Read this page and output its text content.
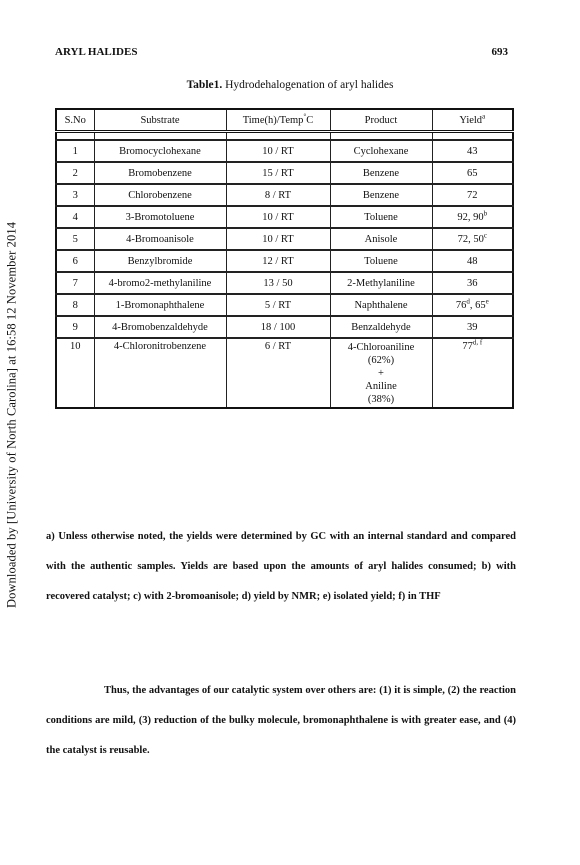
Downloaded by [University of North Carolina] at 16:58 12 November 2014
ARYL HALIDES	693
Table1. Hydrodehalogenation of aryl halides
S.No	Substrate	Time(h)/Temp°C	Product	Yield$^a$

1	Bromocyclohexane	10 / RT	Cyclohexane	43
2	Bromobenzene	15 / RT	Benzene	65
3	Chlorobenzene	8 / RT	Benzene	72
4	3-Bromotoluene	10 / RT	Toluene	92, 90$^b$
5	4-Bromoanisole	10 / RT	Anisole	72, 50$^c$
6	Benzylbromide	12 / RT	Toluene	48
7	4-bromo2-methylaniline	13 / 50	2-Methylaniline	36
8	1-Bromonaphthalene	5 / RT	Naphthalene	76$^d$, 65e
9	4-Bromobenzaldehyde	18 / 100	Benzaldehyde	39
10	4-Chloronitrobenzene	6 / RT	4-Chloroaniline
(62%)
+
Aniline
(38%)	77$^{d, f}$
a) Unless otherwise noted, the yields were determined by GC with an internal standard and compared with the authentic samples. Yields are based upon the amounts of aryl halides consumed; b) with recovered catalyst; c) with 2-bromoanisole; d) yield by NMR; e) isolated yield; f) in THF
Thus, the advantages of our catalytic system over others are: (1) it is simple, (2) the reaction conditions are mild, (3) reduction of the bulky molecule, bromonaphthalene is with greater ease, and (4) the catalyst is reusable.
